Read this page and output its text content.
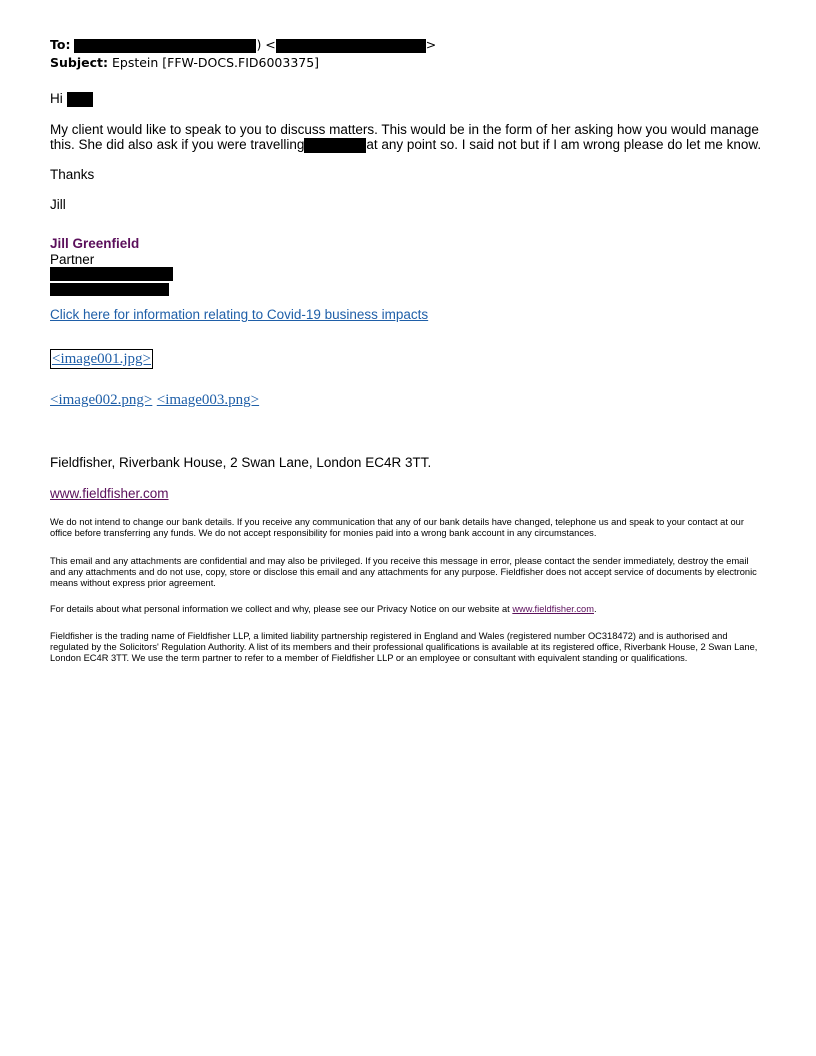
To:	) <	>
Subject: Epstein [FFW-DOCS.FID6003375]
Hi
My client would like to speak to you to discuss matters. This would be in the form of her asking how you would manage
this. She did also ask if you were travelling	at any point so. I said not but if I am wrong please do let me know.
Thanks
Jill
Jill Greenfield
Partner
Click here for information relating to Covid-19 business impacts
<image001.jpg>
<image002.png> <image003.png>
Fieldfisher, Riverbank House, 2 Swan Lane, London EC4R 3TT.
www.fieldfisher.com
We do not intend to change our bank details. If you receive any communication that any of our bank details have changed, telephone us and speak to your contact at our office before transferring any funds. We do not accept responsibility for monies paid into a wrong bank account in any circumstances.
This email and any attachments are confidential and may also be privileged. If you receive this message in error, please contact the sender immediately, destroy the email and any attachments and do not use, copy, store or disclose this email and any attachments for any purpose. Fieldfisher does not accept service of documents by electronic means without express prior agreement.
For details about what personal information we collect and why, please see our Privacy Notice on our website at www.fieldfisher.com.
Fieldfisher is the trading name of Fieldfisher LLP, a limited liability partnership registered in England and Wales (registered number OC318472) and is authorised and regulated by the Solicitors' Regulation Authority. A list of its members and their professional qualifications is available at its registered office, Riverbank House, 2 Swan Lane, London EC4R 3TT. We use the term partner to refer to a member of Fieldfisher LLP or an employee or consultant with equivalent standing or qualifications.
